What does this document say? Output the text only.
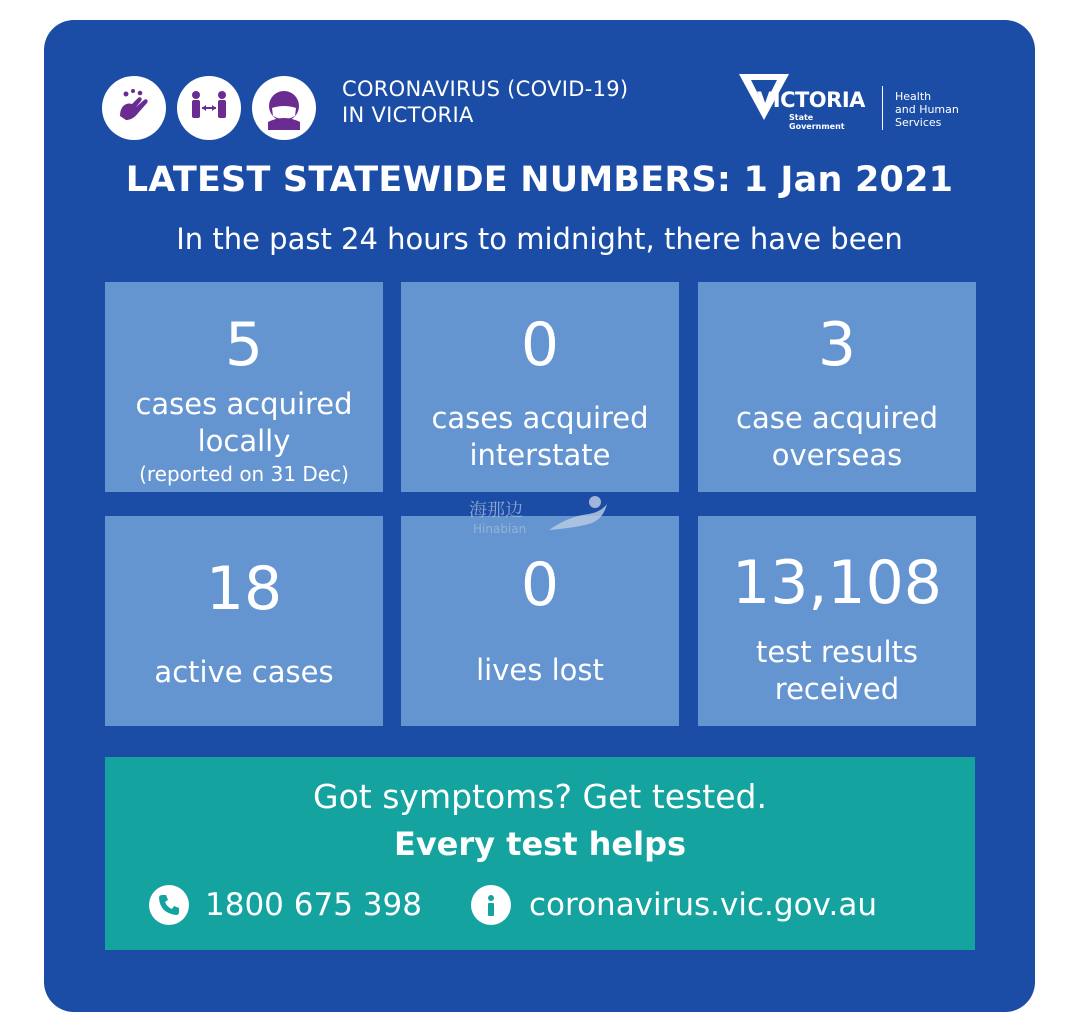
CORONAVIRUS (COVID-19)
IN VICTORIA
VICTORIA
State
Government
Health
and Human
Services
LATEST STATEWIDE NUMBERS: 1 Jan 2021
In the past 24 hours to midnight, there have been
5
cases acquired
locally
(reported on 31 Dec)
0
cases acquired
interstate
3
case acquired
overseas
18
active cases
0
lives lost
13,108
test results
received
海那边
Hinabian
Got symptoms? Get tested.
Every test helps
1800 675 398	coronavirus.vic.gov.au
